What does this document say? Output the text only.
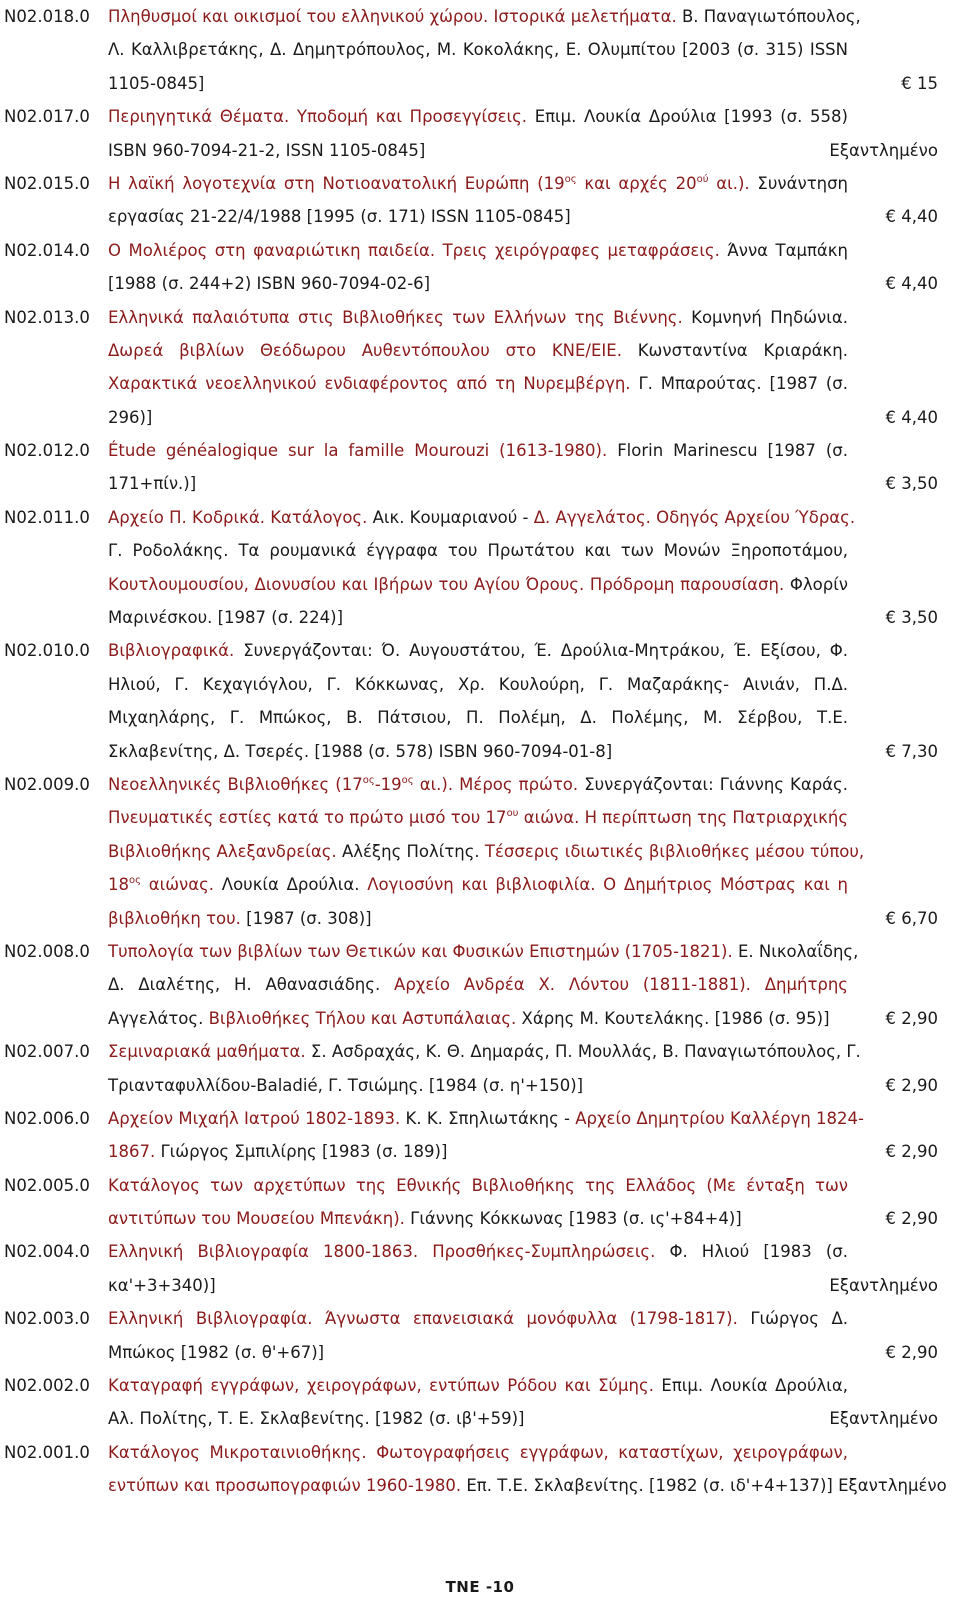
Ν02.018.0 Πληθυσμοί και οικισμοί του ελληνικού χώρου. Ιστορικά μελετήματα. Β. Παναγιωτόπουλος,
Λ. Καλλιβρετάκης, Δ. Δημητρόπουλος, Μ. Κοκολάκης, Ε. Ολυμπίτου [2003 (σ. 315) ISSN
1105-0845]	€ 15
Ν02.017.0 Περιηγητικά Θέματα. Υποδομή και Προσεγγίσεις. Επιμ. Λουκία Δρούλια [1993 (σ. 558)
ISBN 960-7094-21-2, ISSN 1105-0845]	Εξαντλημένο
Ν02.015.0 Η λαϊκή λογοτεχνία στη Νοτιοανατολική Ευρώπη ($19^{o\varsigma}$ και αρχές $20^{oύ}$ αι.). Συνάντηση
εργασίας 21-22/4/1988 [1995 (σ. 171) ISSN 1105-0845]	€ 4,40
Ν02.014.0 Ο Μολιέρος στη φαναριώτικη παιδεία. Τρεις χειρόγραφες μεταφράσεις. Άννα Ταμπάκη
[1988 (σ. 244+2) ISBN 960-7094-02-6]	€ 4,40
Ν02.013.0 Ελληνικά παλαιότυπα στις Βιβλιοθήκες των Ελλήνων της Βιέννης. Κομνηνή Πηδώνια.
Δωρεά βιβλίων Θεόδωρου Αυθεντόπουλου στο ΚΝΕ/ΕΙΕ. Κωνσταντίνα Κριαράκη.
Χαρακτικά νεοελληνικού ενδιαφέροντος από τη Νυρεμβέργη. Γ. Μπαρούτας. [1987 (σ.
296)]	€ 4,40
Ν02.012.0 Étude généalogique sur la famille Mourouzi (1613-1980). Florin Marinescu [1987 (σ.
171+πίν.)]	€ 3,50
Ν02.011.0 Αρχείο Π. Κοδρικά. Κατάλογος. Αικ. Κουμαριανού - Δ. Αγγελάτος. Οδηγός Αρχείου Ύδρας.
Γ. Ροδολάκης. Τα ρουμανικά έγγραφα του Πρωτάτου και των Μονών Ξηροποτάμου,
Κουτλουμουσίου, Διονυσίου και Ιβήρων του Αγίου Όρους. Πρόδρομη παρουσίαση. Φλορίν
Μαρινέσκου. [1987 (σ. 224)]	€ 3,50
Ν02.010.0 Βιβλιογραφικά. Συνεργάζονται: Ό. Αυγουστάτου, Έ. Δρούλια-Μητράκου, Έ. Εξίσου, Φ.
Ηλιού, Γ. Κεχαγιόγλου, Γ. Κόκκωνας, Χρ. Κουλούρη, Γ. Μαζαράκης- Αινιάν, Π.Δ.
Μιχαηλάρης, Γ. Μπώκος, Β. Πάτσιου, Π. Πολέμη, Δ. Πολέμης, Μ. Σέρβου, Τ.Ε.
Σκλαβενίτης, Δ. Τσερές. [1988 (σ. 578) ISBN 960-7094-01-8]	€ 7,30
Ν02.009.0 Νεοελληνικές Βιβλιοθήκες ($17^{o\varsigma}-19^{o\varsigma}$ αι.). Μέρος πρώτο. Συνεργάζονται: Γιάννης Καράς.
Πνευματικές εστίες κατά το πρώτο μισό του $17^{o\upsilon}$ αιώνα. Η περίπτωση της Πατριαρχικής
Βιβλιοθήκης Αλεξανδρείας. Αλέξης Πολίτης. Τέσσερις ιδιωτικές βιβλιοθήκες μέσου τύπου,
$18^{o\varsigma}$ αιώνας. Λουκία Δρούλια. Λογιοσύνη και βιβλιοφιλία. Ο Δημήτριος Μόστρας και η
βιβλιοθήκη του. [1987 (σ. 308)]	€ 6,70
Ν02.008.0 Τυπολογία των βιβλίων των Θετικών και Φυσικών Επιστημών (1705-1821). Ε. Νικολαΐδης,
Δ. Διαλέτης, Η. Αθανασιάδης. Αρχείο Ανδρέα Χ. Λόντου (1811-1881). Δημήτρης
Αγγελάτος. Βιβλιοθήκες Τήλου και Αστυπάλαιας. Χάρης Μ. Κουτελάκης. [1986 (σ. 95)]	€ 2,90
Ν02.007.0 Σεμιναριακά μαθήματα. Σ. Ασδραχάς, Κ. Θ. Δημαράς, Π. Μουλλάς, Β. Παναγιωτόπουλος, Γ.
Τριανταφυλλίδου-Baladié, Γ. Τσιώμης. [1984 (σ. η'+150)]	€ 2,90
Ν02.006.0 Αρχείον Μιχαήλ Ιατρού 1802-1893. Κ. Κ. Σπηλιωτάκης - Αρχείο Δημητρίου Καλλέργη 1824-
1867. Γιώργος Σμπιλίρης [1983 (σ. 189)]	€ 2,90
Ν02.005.0 Κατάλογος των αρχετύπων της Εθνικής Βιβλιοθήκης της Ελλάδος (Με ένταξη των
αντιτύπων του Μουσείου Μπενάκη). Γιάννης Κόκκωνας [1983 (σ. ις'+84+4)]	€ 2,90
Ν02.004.0 Ελληνική Βιβλιογραφία 1800-1863. Προσθήκες-Συμπληρώσεις. Φ. Ηλιού [1983 (σ.
κα'+3+340)]	Εξαντλημένο
Ν02.003.0 Ελληνική Βιβλιογραφία. Άγνωστα επανεισιακά μονόφυλλα (1798-1817). Γιώργος Δ.
Μπώκος [1982 (σ. θ'+67)]	€ 2,90
Ν02.002.0 Καταγραφή εγγράφων, χειρογράφων, εντύπων Ρόδου και Σύμης. Επιμ. Λουκία Δρούλια,
Αλ. Πολίτης, Τ. Ε. Σκλαβενίτης. [1982 (σ. ιβ'+59)]	Εξαντλημένο
Ν02.001.0 Κατάλογος Μικροταινιοθήκης. Φωτογραφήσεις εγγράφων, καταστίχων, χειρογράφων,
εντύπων και προσωπογραφιών 1960-1980. Επ. Τ.Ε. Σκλαβενίτης. [1982 (σ. ιδ'+4+137)] Εξαντλημένο
ΤΝΕ -10
